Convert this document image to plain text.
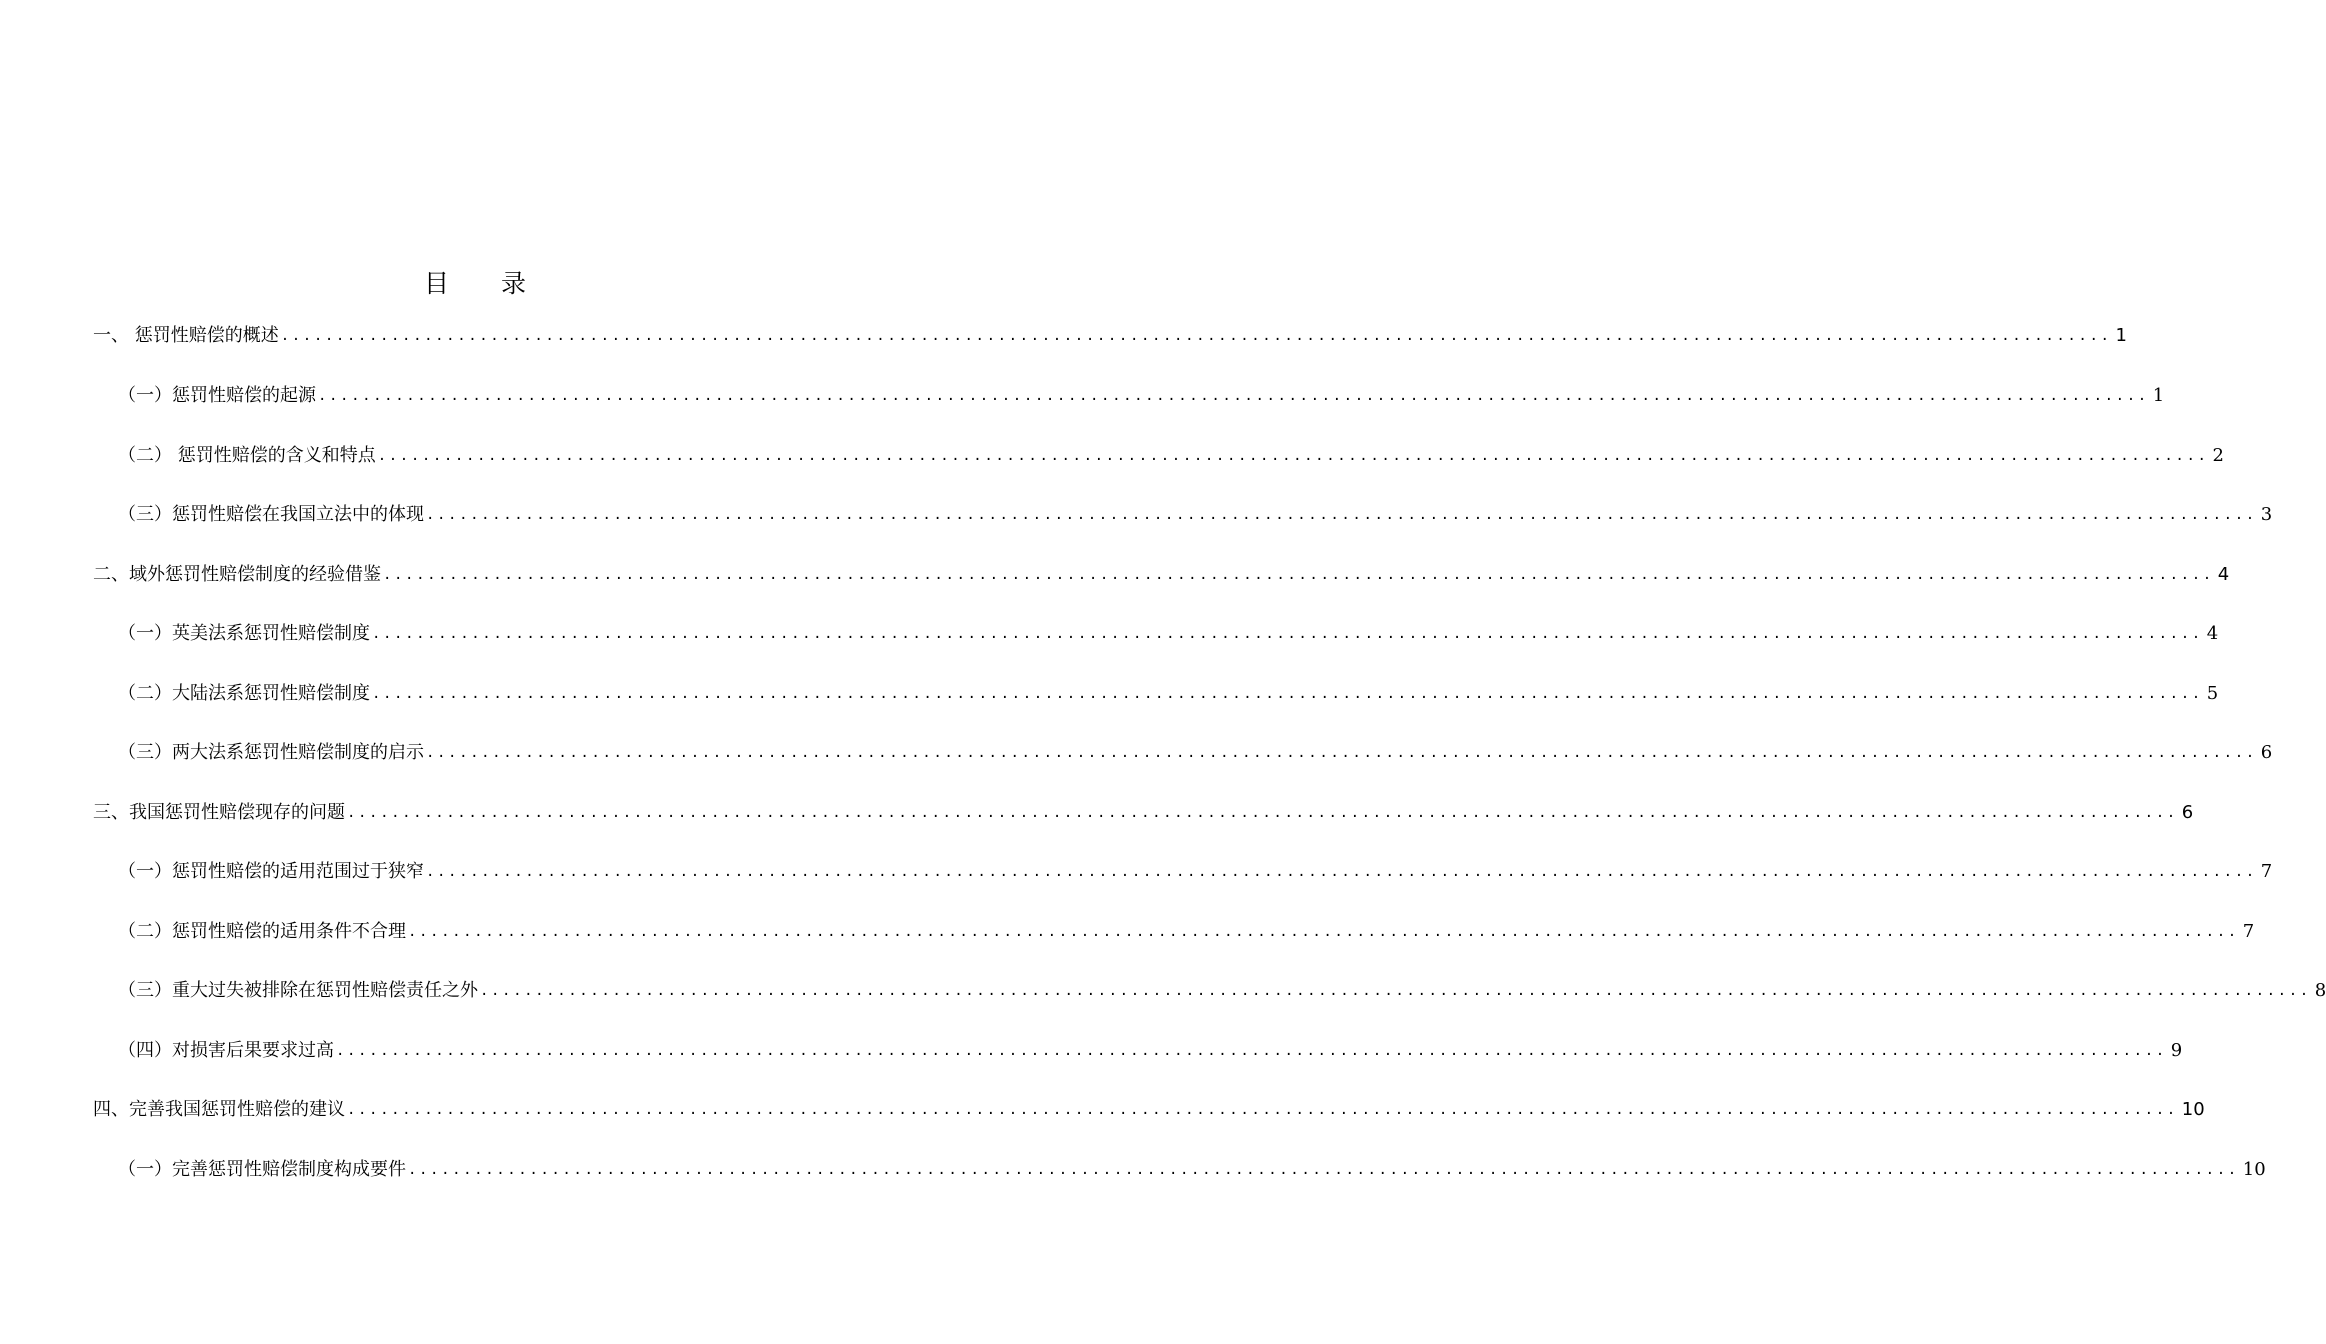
目 录
一、 惩罚性赔偿的概述 ...................................................................................................................................................................... 1
（一）惩罚性赔偿的起源 ...................................................................................................................................................................... 1
（二） 惩罚性赔偿的含义和特点 ...................................................................................................................................................................... 2
（三）惩罚性赔偿在我国立法中的体现 ...................................................................................................................................................................... 3
二、域外惩罚性赔偿制度的经验借鉴 ...................................................................................................................................................................... 4
（一）英美法系惩罚性赔偿制度 ...................................................................................................................................................................... 4
（二）大陆法系惩罚性赔偿制度 ...................................................................................................................................................................... 5
（三）两大法系惩罚性赔偿制度的启示 ...................................................................................................................................................................... 6
三、我国惩罚性赔偿现存的问题 ...................................................................................................................................................................... 6
（一）惩罚性赔偿的适用范围过于狭窄 ...................................................................................................................................................................... 7
（二）惩罚性赔偿的适用条件不合理 ...................................................................................................................................................................... 7
（三）重大过失被排除在惩罚性赔偿责任之外 ...................................................................................................................................................................... 8
（四）对损害后果要求过高 ...................................................................................................................................................................... 9
四、完善我国惩罚性赔偿的建议 ...................................................................................................................................................................... 10
（一）完善惩罚性赔偿制度构成要件 ...................................................................................................................................................................... 10
